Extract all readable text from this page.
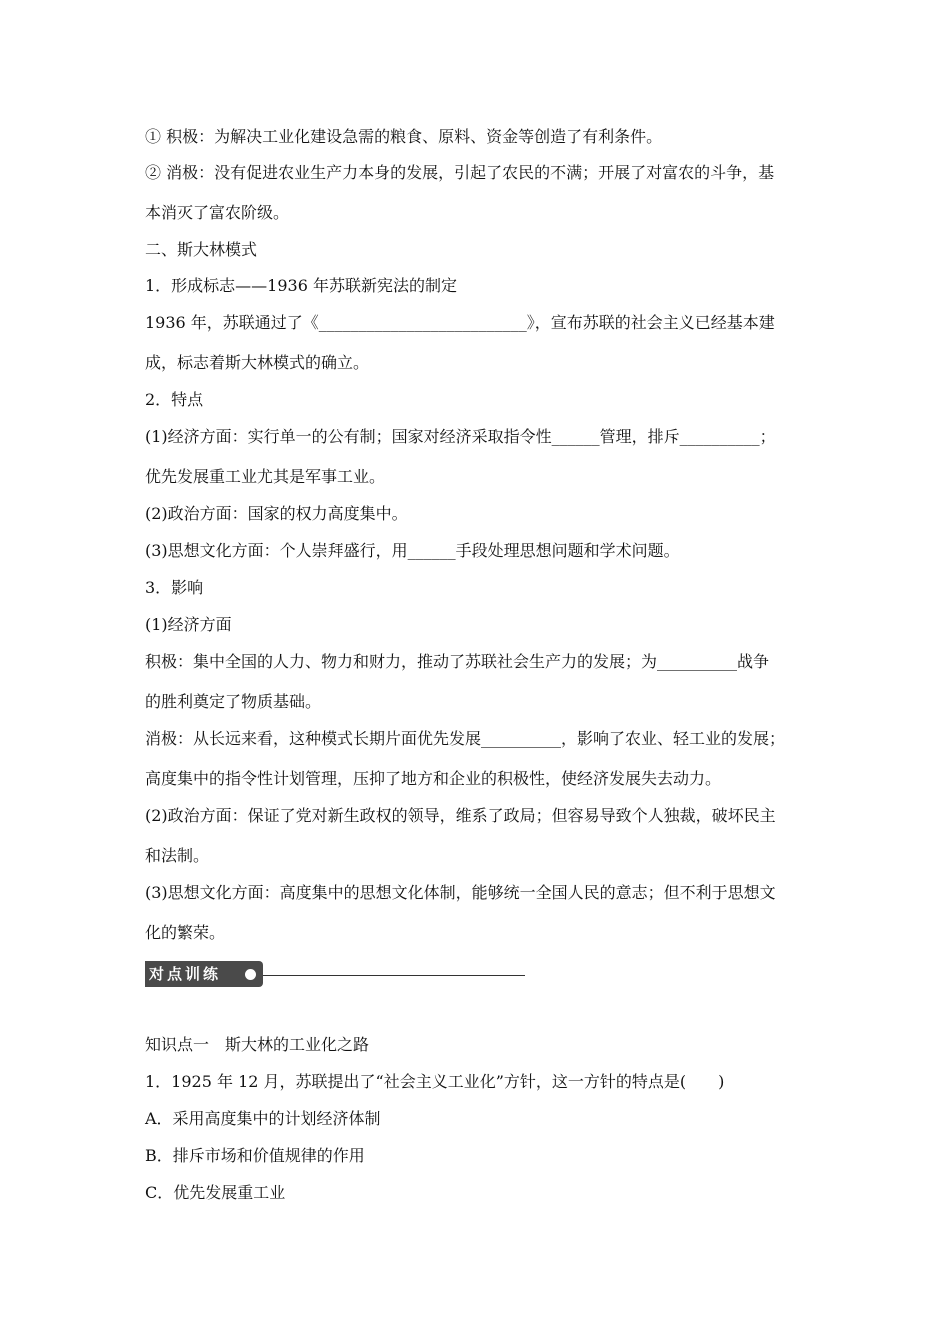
① 积极：为解决工业化建设急需的粮食、原料、资金等创造了有利条件。

② 消极：没有促进农业生产力本身的发展，引起了农民的不满；开展了对富农的斗争，基

本消灭了富农阶级。

二、斯大林模式

1．形成标志——1936 年苏联新宪法的制定

1936 年，苏联通过了《__________________________》，宣布苏联的社会主义已经基本建

成，标志着斯大林模式的确立。

2．特点

(1)经济方面：实行单一的公有制；国家对经济采取指令性______管理，排斥__________；

优先发展重工业尤其是军事工业。

(2)政治方面：国家的权力高度集中。

(3)思想文化方面：个人崇拜盛行，用______手段处理思想问题和学术问题。

3．影响

(1)经济方面

积极：集中全国的人力、物力和财力，推动了苏联社会生产力的发展；为__________战争

的胜利奠定了物质基础。

消极：从长远来看，这种模式长期片面优先发展__________，影响了农业、轻工业的发展；

高度集中的指令性计划管理，压抑了地方和企业的积极性，使经济发展失去动力。

(2)政治方面：保证了党对新生政权的领导，维系了政局；但容易导致个人独裁，破坏民主

和法制。

(3)思想文化方面：高度集中的思想文化体制，能够统一全国人民的意志；但不利于思想文

化的繁荣。

对点训练

知识点一　斯大林的工业化之路

1．1925 年 12 月，苏联提出了“社会主义工业化”方针，这一方针的特点是(　　)

A．采用高度集中的计划经济体制

B．排斥市场和价值规律的作用

C．优先发展重工业
